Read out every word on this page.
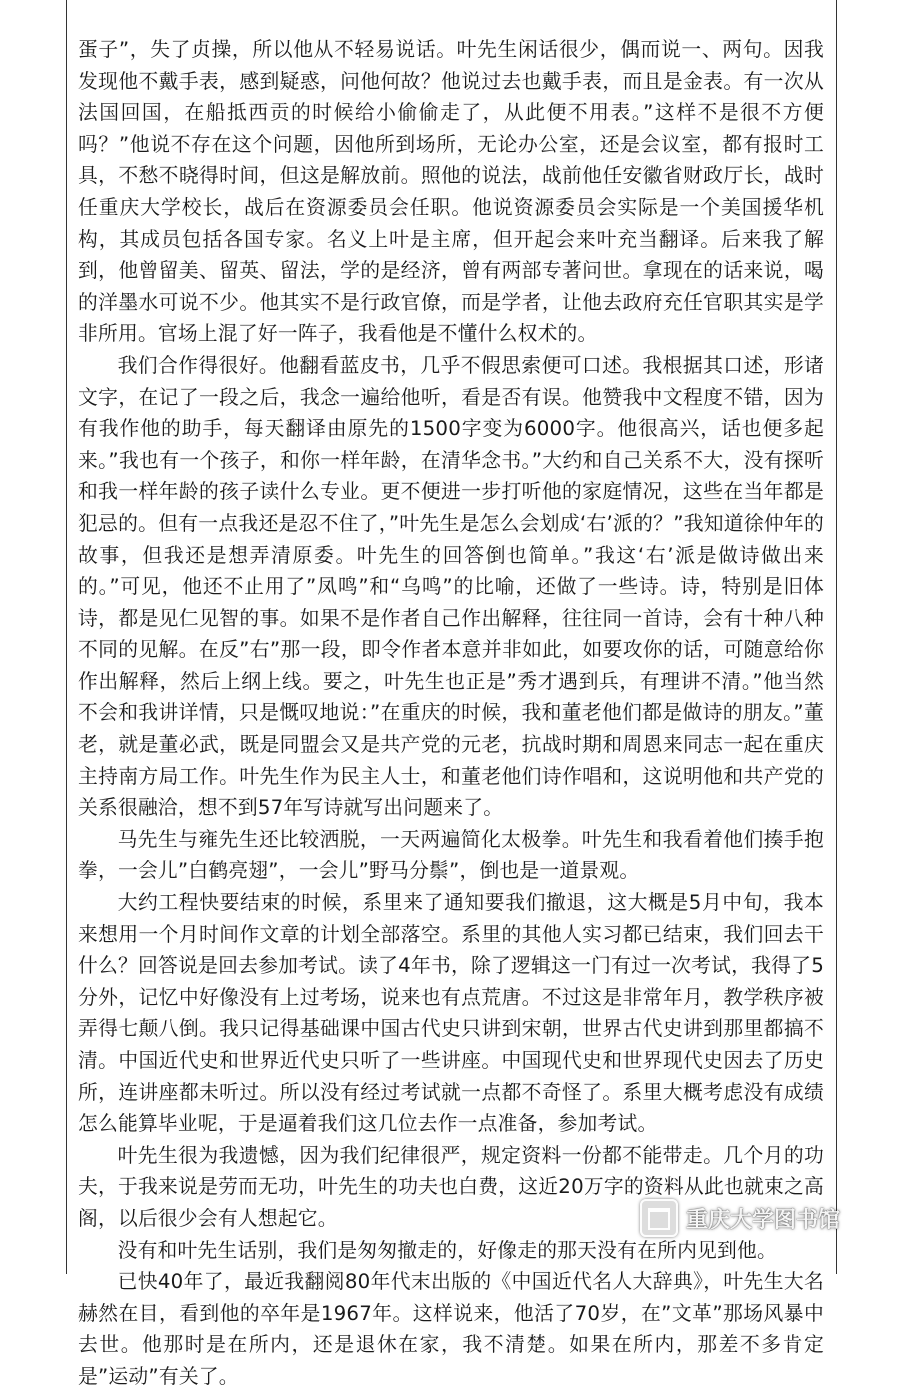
蛋子”，失了贞操，所以他从不轻易说话。叶先生闲话很少，偶而说一、两句。因我发现他不戴手表，感到疑惑，问他何故？他说过去也戴手表，而且是金表。有一次从法国回国，在船抵西贡的时候给小偷偷走了，从此便不用表。”这样不是很不方便吗？”他说不存在这个问题，因他所到场所，无论办公室，还是会议室，都有报时工具，不愁不晓得时间，但这是解放前。照他的说法，战前他任安徽省财政厅长，战时任重庆大学校长，战后在资源委员会任职。他说资源委员会实际是一个美国援华机构，其成员包括各国专家。名义上叶是主席，但开起会来叶充当翻译。后来我了解到，他曾留美、留英、留法，学的是经济，曾有两部专著问世。拿现在的话来说，喝的洋墨水可说不少。他其实不是行政官僚，而是学者，让他去政府充任官职其实是学非所用。官场上混了好一阵子，我看他是不懂什么权术的。

我们合作得很好。他翻看蓝皮书，几乎不假思索便可口述。我根据其口述，形诸文字，在记了一段之后，我念一遍给他听，看是否有误。他赞我中文程度不错，因为有我作他的助手，每天翻译由原先的1500字变为6000字。他很高兴，话也便多起来。”我也有一个孩子，和你一样年龄，在清华念书。”大约和自己关系不大，没有探听和我一样年龄的孩子读什么专业。更不便进一步打听他的家庭情况，这些在当年都是犯忌的。但有一点我还是忍不住了，”叶先生是怎么会划成‘右’派的？”我知道徐仲年的故事，但我还是想弄清原委。叶先生的回答倒也简单。”我这‘右’派是做诗做出来的。”可见，他还不止用了”凤鸣”和“乌鸣”的比喻，还做了一些诗。诗，特别是旧体诗，都是见仁见智的事。如果不是作者自己作出解释，往往同一首诗，会有十种八种不同的见解。在反”右”那一段，即令作者本意并非如此，如要攻你的话，可随意给你作出解释，然后上纲上线。要之，叶先生也正是”秀才遇到兵，有理讲不清。”他当然不会和我讲详情，只是慨叹地说：”在重庆的时候，我和董老他们都是做诗的朋友。”董老，就是董必武，既是同盟会又是共产党的元老，抗战时期和周恩来同志一起在重庆主持南方局工作。叶先生作为民主人士，和董老他们诗作唱和，这说明他和共产党的关系很融洽，想不到57年写诗就写出问题来了。

马先生与雍先生还比较洒脱，一天两遍简化太极拳。叶先生和我看着他们揍手抱拳，一会儿”白鹤亮翅”，一会儿”野马分鬃”，倒也是一道景观。

大约工程快要结束的时候，系里来了通知要我们撤退，这大概是5月中旬，我本来想用一个月时间作文章的计划全部落空。系里的其他人实习都已结束，我们回去干什么？回答说是回去参加考试。读了4年书，除了逻辑这一门有过一次考试，我得了5分外，记忆中好像没有上过考场，说来也有点荒唐。不过这是非常年月，教学秩序被弄得七颠八倒。我只记得基础课中国古代史只讲到宋朝，世界古代史讲到那里都搞不清。中国近代史和世界近代史只听了一些讲座。中国现代史和世界现代史因去了历史所，连讲座都未听过。所以没有经过考试就一点都不奇怪了。系里大概考虑没有成绩怎么能算毕业呢，于是逼着我们这几位去作一点准备，参加考试。

叶先生很为我遗憾，因为我们纪律很严，规定资料一份都不能带走。几个月的功夫，于我来说是劳而无功，叶先生的功夫也白费，这近20万字的资料从此也就束之高阁，以后很少会有人想起它。

没有和叶先生话别，我们是匆匆撤走的，好像走的那天没有在所内见到他。

已快40年了，最近我翻阅80年代末出版的《中国近代名人大辞典》，叶先生大名赫然在目，看到他的卒年是1967年。这样说来，他活了70岁，在”文革”那场风暴中去世。他那时是在所内，还是退休在家，我不清楚。如果在所内，那差不多肯定是”运动”有关了。

重庆大学图书馆
